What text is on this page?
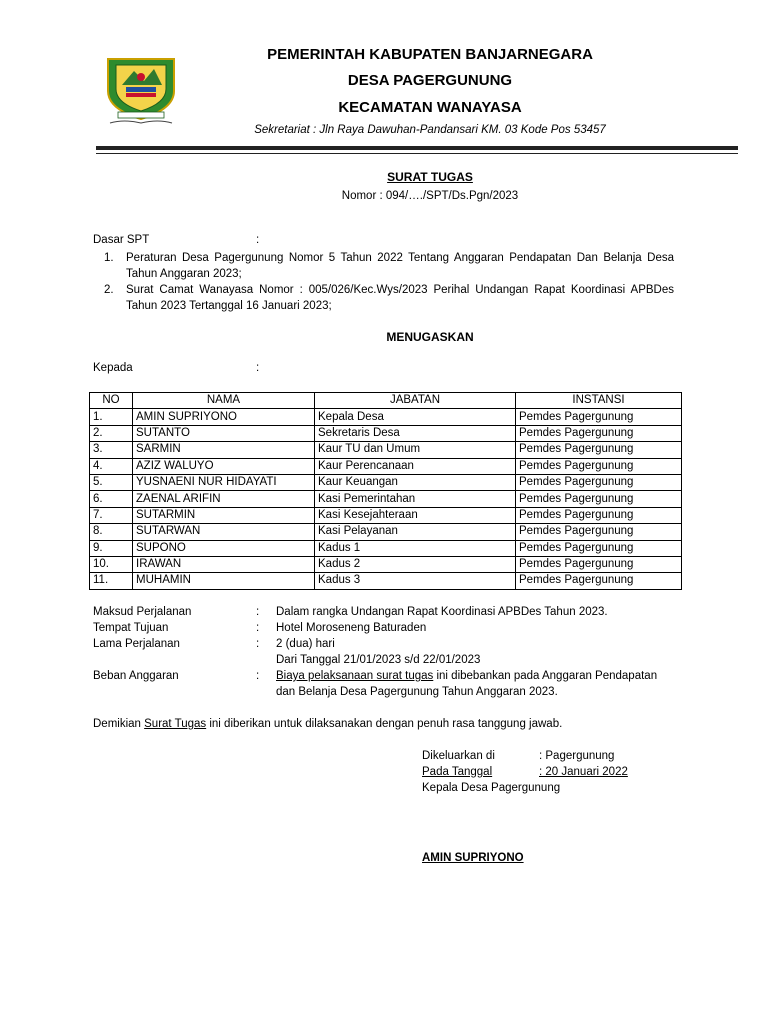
PEMERINTAH KABUPATEN BANJARNEGARA
DESA PAGERGUNUNG
KECAMATAN WANAYASA
Sekretariat : Jln Raya Dawuhan-Pandansari KM. 03 Kode Pos 53457
SURAT TUGAS
Nomor : 094/…./SPT/Ds.Pgn/2023
Dasar SPT	:
1. Peraturan Desa Pagergunung Nomor 5 Tahun 2022 Tentang Anggaran Pendapatan Dan Belanja Desa Tahun Anggaran 2023;
2. Surat Camat Wanayasa Nomor : 005/026/Kec.Wys/2023 Perihal Undangan Rapat Koordinasi APBDes Tahun 2023 Tertanggal 16 Januari 2023;
MENUGASKAN
Kepada	:
NO	NAMA	JABATAN	INSTANSI
1.	AMIN SUPRIYONO	Kepala Desa	Pemdes Pagergunung
2.	SUTANTO	Sekretaris Desa	Pemdes Pagergunung
3.	SARMIN	Kaur TU dan Umum	Pemdes Pagergunung
4.	AZIZ WALUYO	Kaur Perencanaan	Pemdes Pagergunung
5.	YUSNAENI NUR HIDAYATI	Kaur Keuangan	Pemdes Pagergunung
6.	ZAENAL ARIFIN	Kasi Pemerintahan	Pemdes Pagergunung
7.	SUTARMIN	Kasi Kesejahteraan	Pemdes Pagergunung
8.	SUTARWAN	Kasi Pelayanan	Pemdes Pagergunung
9.	SUPONO	Kadus 1	Pemdes Pagergunung
10.	IRAWAN	Kadus 2	Pemdes Pagergunung
11.	MUHAMIN	Kadus 3	Pemdes Pagergunung
Maksud Perjalanan	: Dalam rangka Undangan Rapat Koordinasi APBDes Tahun 2023.
Tempat Tujuan	: Hotel Moroseneng Baturaden
Lama Perjalanan	: 2 (dua) hari
Dari Tanggal 21/01/2023 s/d 22/01/2023
Beban Anggaran	: Biaya pelaksanaan surat tugas ini dibebankan pada Anggaran Pendapatan
dan Belanja Desa Pagergunung Tahun Anggaran 2023.
Demikian Surat Tugas ini diberikan untuk dilaksanakan dengan penuh rasa tanggung jawab.
Dikeluarkan di	: Pagergunung
Pada Tanggal	: 20 Januari 2022
Kepala Desa Pagergunung
AMIN SUPRIYONO
